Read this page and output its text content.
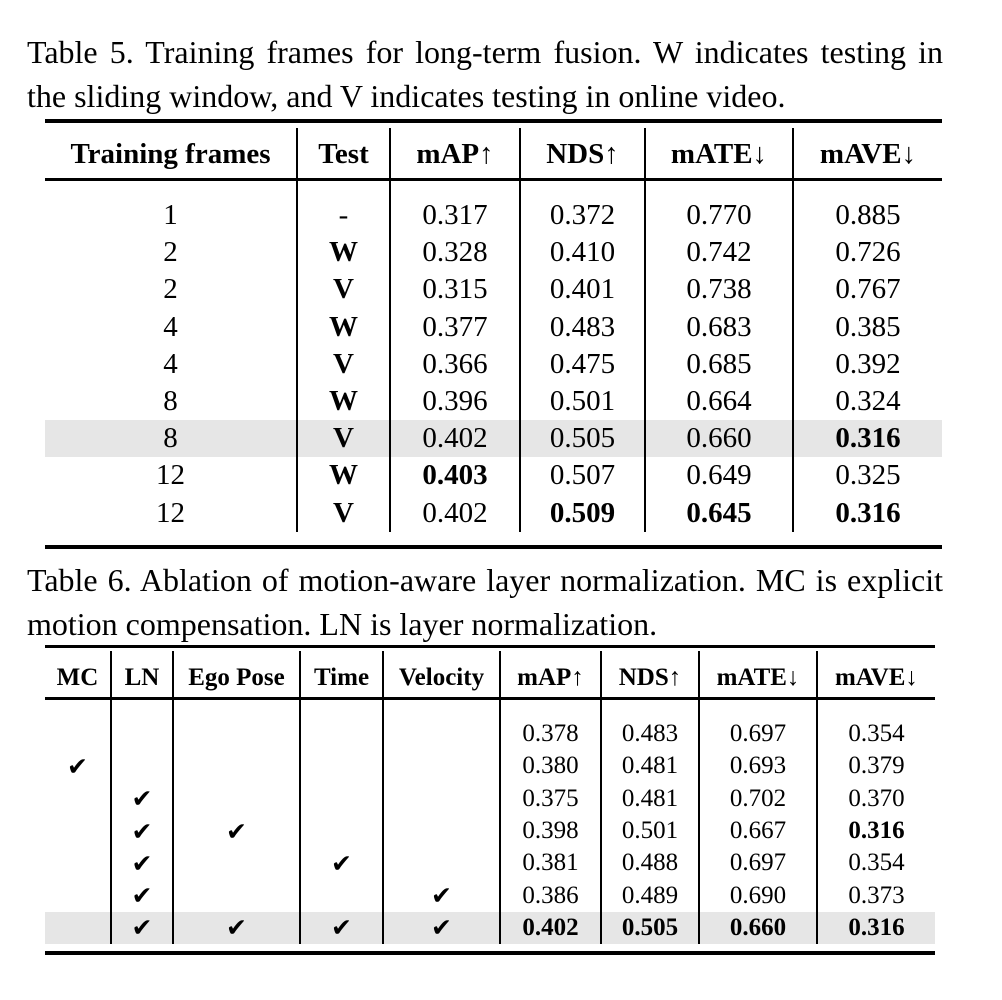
Table 5. Training frames for long-term fusion. W indicates testing in the sliding window, and V indicates testing in online video.

Training frames	Test	mAP↑	NDS↑	mATE↓	mAVE↓

1	-	0.317	0.372	0.770	0.885
2	W	0.328	0.410	0.742	0.726
2	V	0.315	0.401	0.738	0.767
4	W	0.377	0.483	0.683	0.385
4	V	0.366	0.475	0.685	0.392
8	W	0.396	0.501	0.664	0.324
8	V	0.402	0.505	0.660	0.316
12	W	0.403	0.507	0.649	0.325
12	V	0.402	0.509	0.645	0.316

Table 6. Ablation of motion-aware layer normalization. MC is explicit motion compensation. LN is layer normalization.

MC	LN	Ego Pose	Time	Velocity	mAP↑	NDS↑	mATE↓	mAVE↓

					0.378	0.483	0.697	0.354
✔					0.380	0.481	0.693	0.379
	✔				0.375	0.481	0.702	0.370
	✔	✔			0.398	0.501	0.667	0.316
	✔		✔		0.381	0.488	0.697	0.354
	✔			✔	0.386	0.489	0.690	0.373
	✔	✔	✔	✔	0.402	0.505	0.660	0.316
